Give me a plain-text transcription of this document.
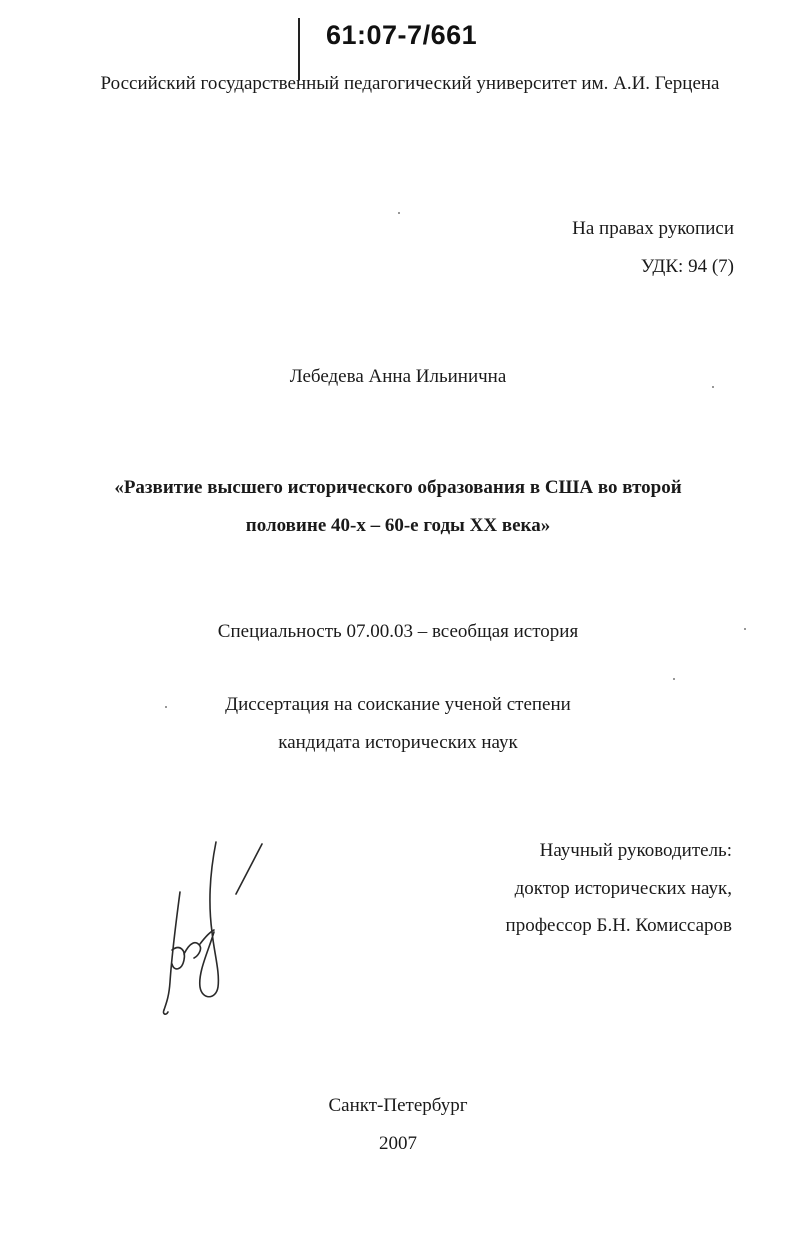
61:07-7/661
Российский государственный педагогический университет им. А.И. Герцена
На правах рукописи
УДК: 94 (7)
Лебедева Анна Ильинична
«Развитие высшего исторического образования в США во второй
половине 40-х – 60-е годы XX века»
Специальность 07.00.03 – всеобщая история
Диссертация на соискание ученой степени
кандидата исторических наук
Научный руководитель:
доктор исторических наук,
профессор Б.Н. Комиссаров
Санкт-Петербург
2007
